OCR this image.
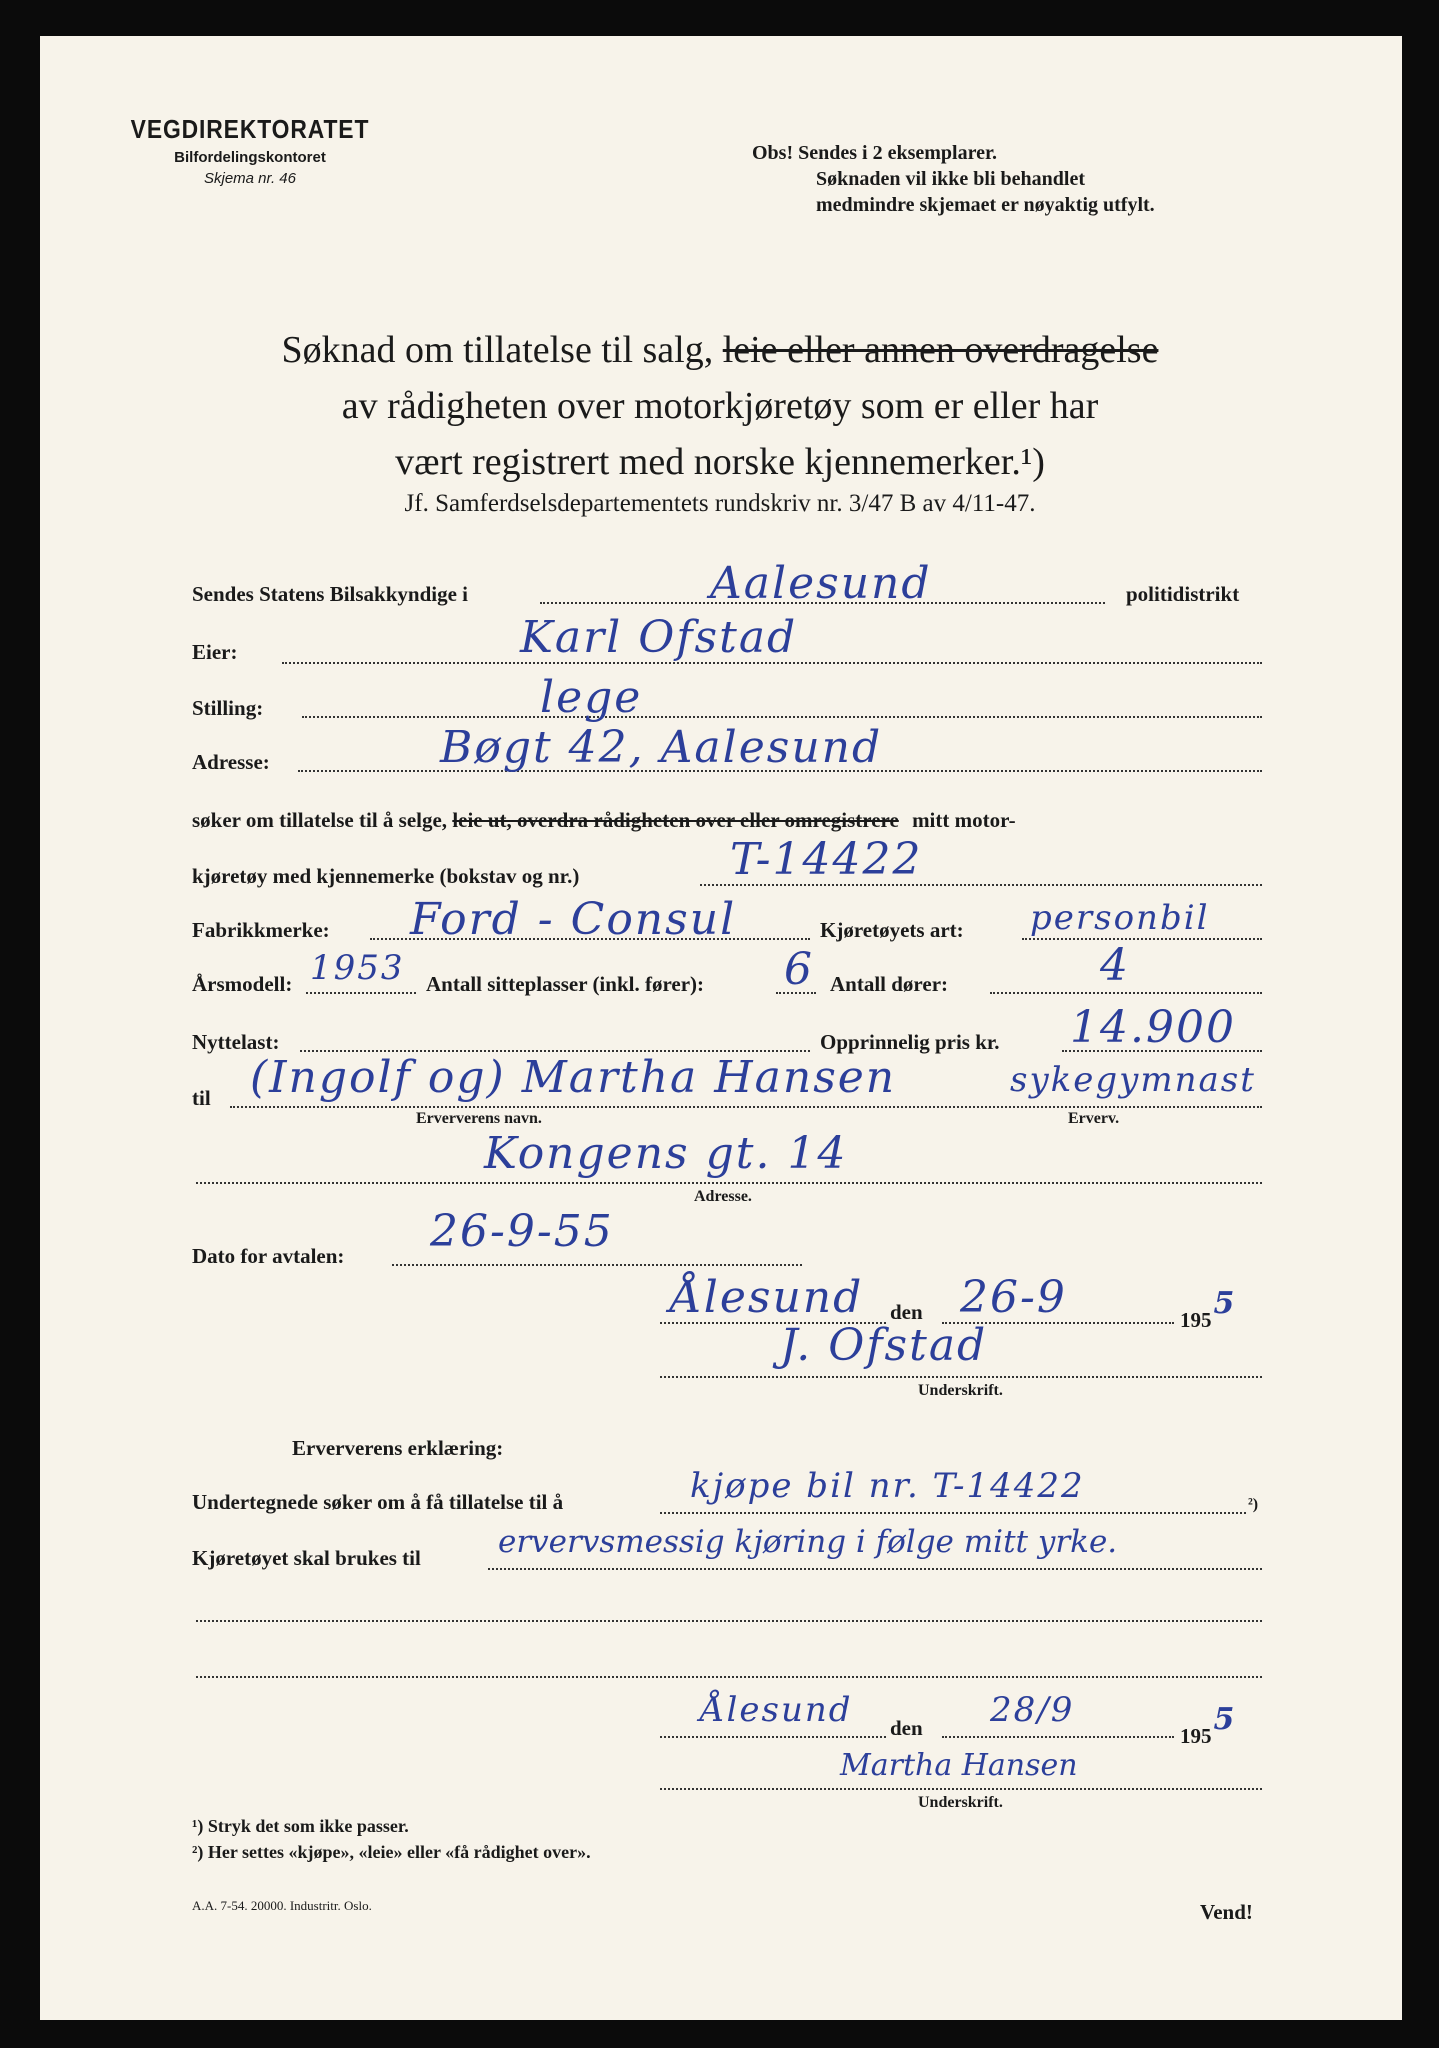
VEGDIREKTORATET
Bilfordelingskontoret
Skjema nr. 46
Obs! Sendes i 2 eksemplarer.
Søknaden vil ikke bli behandlet
medmindre skjemaet er nøyaktig utfylt.
Søknad om tillatelse til salg, leie eller annen overdragelse
av rådigheten over motorkjøretøy som er eller har
vært registrert med norske kjennemerker.¹)
Jf. Samferdselsdepartementets rundskriv nr. 3/47 B av 4/11-47.
Sendes Statens Bilsakkyndige i	Aalesund	politidistrikt
Eier:	Karl Ofstad
Stilling:	lege
Adresse:	Bøgt 42, Aalesund
søker om tillatelse til å selge, leie ut, overdra rådigheten over eller omregistrere mitt motor-
kjøretøy med kjennemerke (bokstav og nr.)	T-14422
Fabrikkmerke: Ford - Consul	Kjøretøyets art: personbil
Årsmodell: 1953 Antall sitteplasser (inkl. fører): 6 Antall dører:	4
Nyttelast:	Opprinnelig pris kr. 14.900
til (Ingolf og) Martha Hansen	sykegymnast
Erververens navn.	Erverv.
Kongens gt. 14
Adresse.
Dato for avtalen: 26-9-55
Ålesund den 26-9	1955
J. Ofstad
Underskrift.
Erververens erklæring:
Undertegnede søker om å få tillatelse til å	kjøpe bil nr. T-14422	²)
Kjøretøyet skal brukes til ervervsmessig kjøring i følge mitt yrke.
Ålesund den 28/9
1955
Martha Hansen
Underskrift.
¹) Stryk det som ikke passer.
²) Her settes «kjøpe», «leie» eller «få rådighet over».
A.A. 7-54. 20000. Industritr. Oslo.	Vend!
